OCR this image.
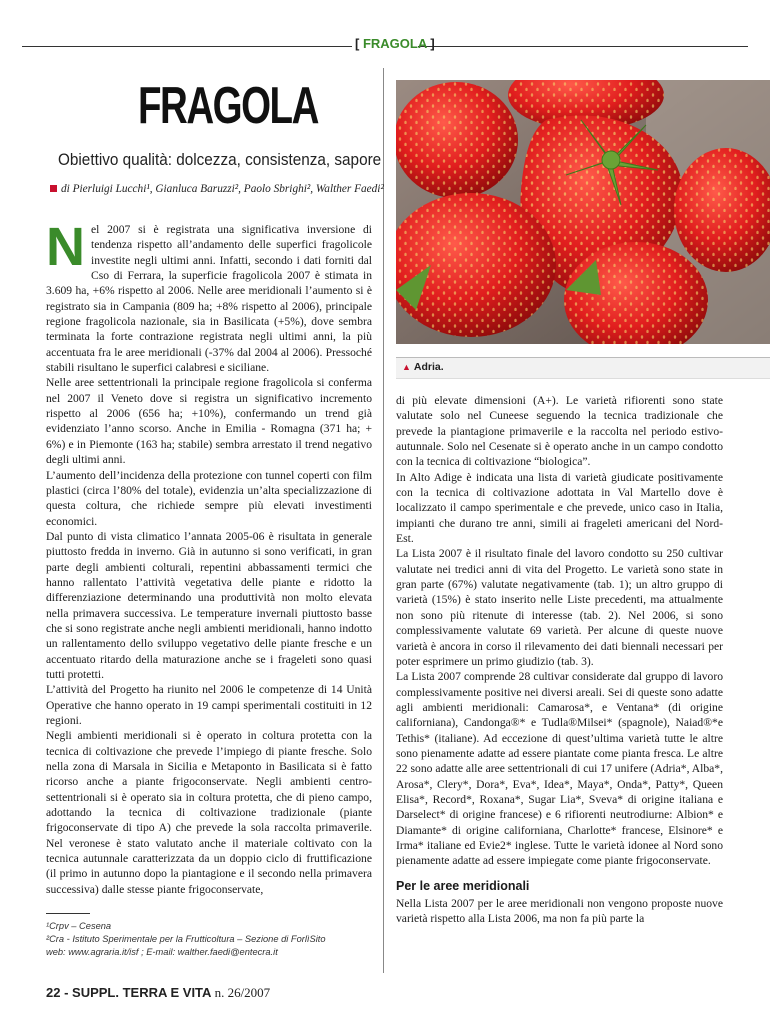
[ FRAGOLA ]
FRAGOLA
Obiettivo qualità: dolcezza, consistenza, sapore
di Pierluigi Lucchi¹, Gianluca Baruzzi², Paolo Sbrighi², Walther Faedi²

Nel 2007 si è registrata una significativa inversione di tendenza rispetto all’andamento delle superfici fragolicole investite negli ultimi anni. Infatti, secondo i dati forniti dal Cso di Ferrara, la superficie fragolicola 2007 è stimata in 3.609 ha, +6% rispetto al 2006. Nelle aree meridionali l’aumento si è registrato sia in Campania (809 ha; +8% rispetto al 2006), principale regione fragolicola nazionale, sia in Basilicata (+5%), dove sembra terminata la forte contrazione registrata negli ultimi anni, la più accentuata fra le aree meridionali (-37% dal 2004 al 2006). Pressoché stabili risultano le superfici calabresi e siciliane.

Nelle aree settentrionali la principale regione fragolicola si conferma nel 2007 il Veneto dove si registra un significativo incremento rispetto al 2006 (656 ha; +10%), confermando un trend già evidenziato l’anno scorso. Anche in Emilia - Romagna (371 ha; + 6%) e in Piemonte (163 ha; stabile) sembra arrestato il trend negativo degli ultimi anni.

L’aumento dell’incidenza della protezione con tunnel coperti con film plastici (circa l’80% del totale), evidenzia un’alta specializzazione di questa coltura, che richiede sempre più elevati investimenti economici.

Dal punto di vista climatico l’annata 2005-06 è risultata in generale piuttosto fredda in inverno. Già in autunno si sono verificati, in gran parte degli ambienti colturali, repentini abbassamenti termici che hanno rallentato l’attività vegetativa delle piante e ridotto la differenziazione determinando una produttività non molto elevata nella primavera successiva. Le temperature invernali piuttosto basse che si sono registrate anche negli ambienti meridionali, hanno indotto un rallentamento dello sviluppo vegetativo delle piante fresche e un accentuato ritardo della maturazione anche se i frageleti sono quasi tutti protetti.

L’attività del Progetto ha riunito nel 2006 le competenze di 14 Unità Operative che hanno operato in 19 campi sperimentali costituiti in 12 regioni.

Negli ambienti meridionali si è operato in coltura protetta con la tecnica di coltivazione che prevede l’impiego di piante fresche. Solo nella zona di Marsala in Sicilia e Metaponto in Basilicata si è fatto ricorso anche a piante frigoconservate. Negli ambienti centro-settentrionali si è operato sia in coltura protetta, che di pieno campo, adottando la tecnica di coltivazione tradizionale (piante frigoconservate di tipo A) che prevede la sola raccolta primaverile. Nel veronese è stato valutato anche il materiale coltivato con la tecnica autunnale caratterizzata da un doppio ciclo di fruttificazione (il primo in autunno dopo la piantagione e il secondo nella primavera successiva) dalle stesse piante frigoconservate,

¹Crpv – Cesena
²Cra - Istituto Sperimentale per la Frutticoltura – Sezione di ForlìSito
web: www.agraria.it/isf ; E-mail: walther.faedi@entecra.it
22 - SUPPL. TERRA E VITA n. 26/2007
▲ Adria.

di più elevate dimensioni (A+). Le varietà rifiorenti sono state valutate solo nel Cuneese seguendo la tecnica tradizionale che prevede la piantagione primaverile e la raccolta nel periodo estivo-autunnale. Solo nel Cesenate si è operato anche in un campo condotto con la tecnica di coltivazione “biologica”.

In Alto Adige è indicata una lista di varietà giudicate positivamente con la tecnica di coltivazione adottata in Val Martello dove è localizzato il campo sperimentale e che prevede, unico caso in Italia, impianti che durano tre anni, simili ai frageleti americani del Nord-Est.

La Lista 2007 è il risultato finale del lavoro condotto su 250 cultivar valutate nei tredici anni di vita del Progetto. Le varietà sono state in gran parte (67%) valutate negativamente (tab. 1); un altro gruppo di varietà (15%) è stato inserito nelle Liste precedenti, ma attualmente non sono più ritenute di interesse (tab. 2). Nel 2006, si sono complessivamente valutate 69 varietà. Per alcune di queste nuove varietà è ancora in corso il rilevamento dei dati biennali necessari per poter esprimere un primo giudizio (tab. 3).

La Lista 2007 comprende 28 cultivar considerate dal gruppo di lavoro complessivamente positive nei diversi areali. Sei di queste sono adatte agli ambienti meridionali: Camarosa*, e Ventana* (di origine californiana), Candonga®* e Tudla®Milsei* (spagnole), Naiad®*e Tethis* (italiane). Ad eccezione di quest’ultima varietà tutte le altre sono pienamente adatte ad essere piantate come pianta fresca. Le altre 22 sono adatte alle aree settentrionali di cui 17 unifere (Adria*, Alba*, Arosa*, Clery*, Dora*, Eva*, Idea*, Maya*, Onda*, Patty*, Queen Elisa*, Record*, Roxana*, Sugar Lia*, Sveva* di origine italiana e Darselect* di origine francese) e 6 rifiorenti neutrodiurne: Albion* e Diamante* di origine californiana, Charlotte* francese, Elsinore* e Irma* italiane ed Evie2* inglese. Tutte le varietà idonee al Nord sono pienamente adatte ad essere impiegate come piante frigoconservate.

Per le aree meridionali

Nella Lista 2007 per le aree meridionali non vengono proposte nuove varietà rispetto alla Lista 2006, ma non fa più parte la
